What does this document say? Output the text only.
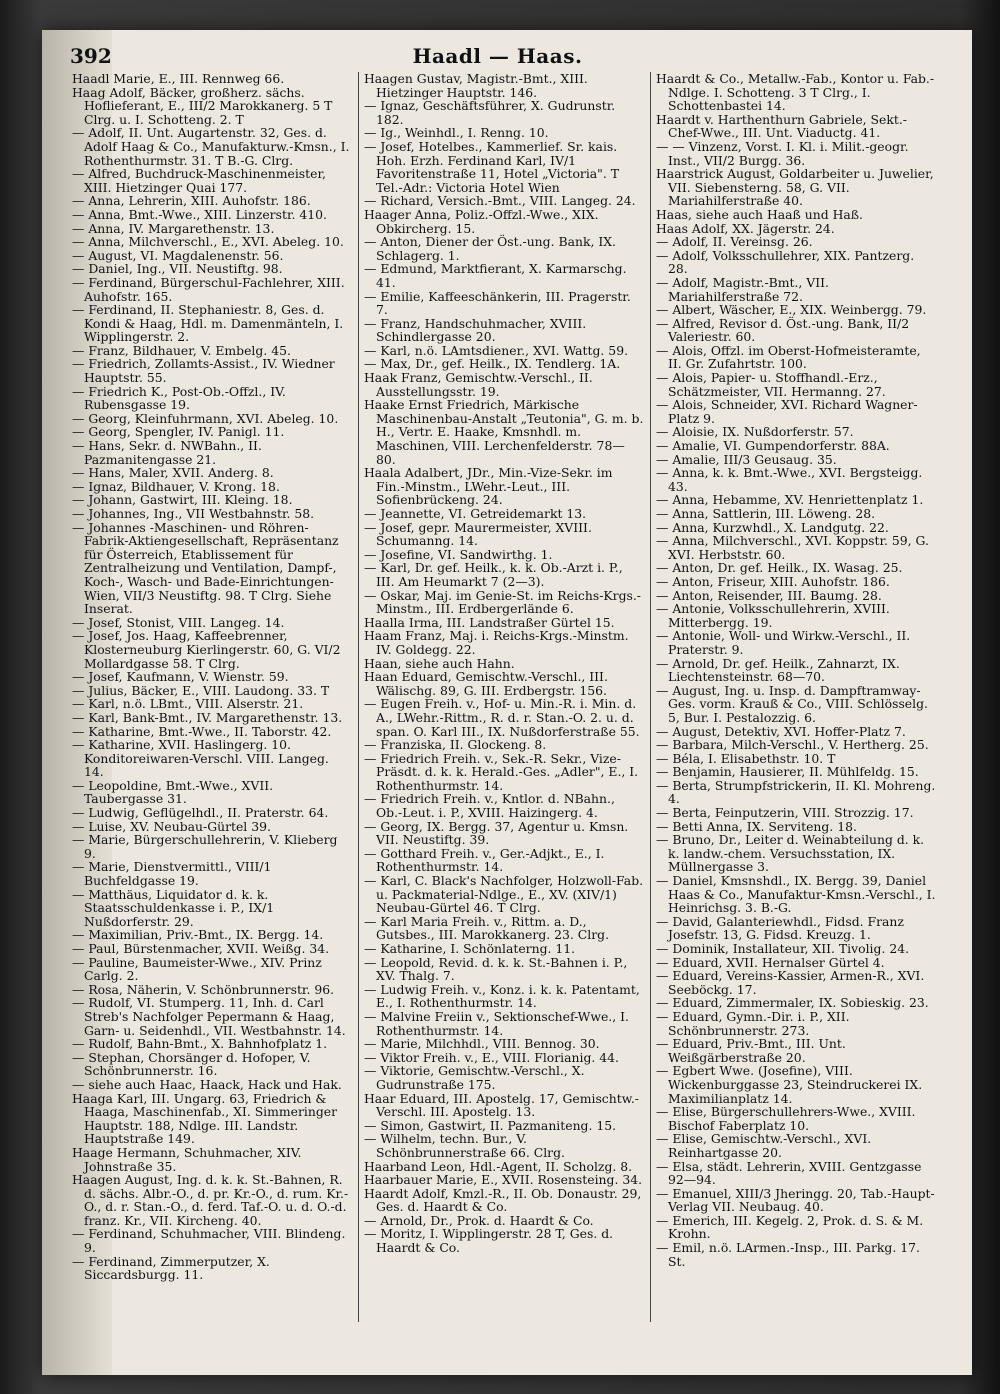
392	Haadl — Haas.

Haadl Marie, E., III. Rennweg 66.

Haag Adolf, Bäcker, großherz. sächs. Hoflieferant, E., III/2 Marokkanerg. 5 T Clrg. u. I. Schotteng. 2. T

— Adolf, II. Unt. Augartenstr. 32, Ges. d. Adolf Haag & Co., Manufakturw.-Kmsn., I. Rothenthurmstr. 31. T B.-G. Clrg.

— Alfred, Buchdruck-Maschinenmeister, XIII. Hietzinger Quai 177.

— Anna, Lehrerin, XIII. Auhofstr. 186.

— Anna, Bmt.-Wwe., XIII. Linzerstr. 410.

— Anna, IV. Margarethenstr. 13.

— Anna, Milchverschl., E., XVI. Abeleg. 10.

— August, VI. Magdalenenstr. 56.

— Daniel, Ing., VII. Neustiftg. 98.

— Ferdinand, Bürgerschul-Fachlehrer, XIII. Auhofstr. 165.

— Ferdinand, II. Stephaniestr. 8, Ges. d. Kondi & Haag, Hdl. m. Damenmänteln, I. Wipplingerstr. 2.

— Franz, Bildhauer, V. Embelg. 45.

— Friedrich, Zollamts-Assist., IV. Wiedner Hauptstr. 55.

— Friedrich K., Post-Ob.-Offzl., IV. Rubensgasse 19.

— Georg, Kleinfuhrmann, XVI. Abeleg. 10.

— Georg, Spengler, IV. Panigl. 11.

— Hans, Sekr. d. NWBahn., II. Pazmanitengasse 21.

— Hans, Maler, XVII. Anderg. 8.

— Ignaz, Bildhauer, V. Krong. 18.

— Johann, Gastwirt, III. Kleing. 18.

— Johannes, Ing., VII Westbahnstr. 58.

— Johannes -Maschinen- und Röhren-Fabrik-Aktiengesellschaft, Repräsentanz für Österreich, Etablissement für Zentralheizung und Ventilation, Dampf-, Koch-, Wasch- und Bade-Einrichtungen-Wien, VII/3 Neustiftg. 98. T Clrg. Siehe Inserat.

— Josef, Stonist, VIII. Langeg. 14.

— Josef, Jos. Haag, Kaffeebrenner, Klosterneuburg Kierlingerstr. 60, G. VI/2 Mollardgasse 58. T Clrg.

— Josef, Kaufmann, V. Wienstr. 59.

— Julius, Bäcker, E., VIII. Laudong. 33. T

— Karl, n.ö. LBmt., VIII. Alserstr. 21.

— Karl, Bank-Bmt., IV. Margarethenstr. 13.

— Katharine, Bmt.-Wwe., II. Taborstr. 42.

— Katharine, XVII. Haslingerg. 10. Konditoreiwaren-Verschl. VIII. Langeg. 14.

— Leopoldine, Bmt.-Wwe., XVII. Taubergasse 31.

— Ludwig, Geflügelhdl., II. Praterstr. 64.

— Luise, XV. Neubau-Gürtel 39.

— Marie, Bürgerschullehrerin, V. Klieberg 9.

— Marie, Dienstvermittl., VIII/1 Buchfeldgasse 19.

— Matthäus, Liquidator d. k. k. Staatsschuldenkasse i. P., IX/1 Nußdorferstr. 29.

— Maximilian, Priv.-Bmt., IX. Bergg. 14.

— Paul, Bürstenmacher, XVII. Weißg. 34.

— Pauline, Baumeister-Wwe., XIV. Prinz Carlg. 2.

— Rosa, Näherin, V. Schönbrunnerstr. 96.

— Rudolf, VI. Stumperg. 11, Inh. d. Carl Streb's Nachfolger Pepermann & Haag, Garn- u. Seidenhdl., VII. Westbahnstr. 14.

— Rudolf, Bahn-Bmt., X. Bahnhofplatz 1.

— Stephan, Chorsänger d. Hofoper, V. Schönbrunnerstr. 16.

— siehe auch Haac, Haack, Hack und Hak.

Haaga Karl, III. Ungarg. 63, Friedrich & Haaga, Maschinenfab., XI. Simmeringer Hauptstr. 188, Ndlge. III. Landstr. Hauptstraße 149.

Haage Hermann, Schuhmacher, XIV. Johnstraße 35.

Haagen August, Ing. d. k. k. St.-Bahnen, R. d. sächs. Albr.-O., d. pr. Kr.-O., d. rum. Kr.-O., d. r. Stan.-O., d. ferd. Taf.-O. u. d. O.-d. franz. Kr., VII. Kircheng. 40.

— Ferdinand, Schuhmacher, VIII. Blindeng. 9.

— Ferdinand, Zimmerputzer, X. Siccardsburgg. 11.

Haagen Gustav, Magistr.-Bmt., XIII. Hietzinger Hauptstr. 146.

— Ignaz, Geschäftsführer, X. Gudrunstr. 182.

— Ig., Weinhdl., I. Renng. 10.

— Josef, Hotelbes., Kammerlief. Sr. kais. Hoh. Erzh. Ferdinand Karl, IV/1 Favoritenstraße 11, Hotel „Victoria". T Tel.-Adr.: Victoria Hotel Wien

— Richard, Versich.-Bmt., VIII. Langeg. 24.

Haager Anna, Poliz.-Offzl.-Wwe., XIX. Obkircherg. 15.

— Anton, Diener der Öst.-ung. Bank, IX. Schlagerg. 1.

— Edmund, Marktfierant, X. Karmarschg. 41.

— Emilie, Kaffeeschänkerin, III. Pragerstr. 7.

— Franz, Handschuhmacher, XVIII. Schindlergasse 20.

— Karl, n.ö. LAmtsdiener., XVI. Wattg. 59.

— Max, Dr., gef. Heilk., IX. Tendlerg. 1A.

Haak Franz, Gemischtw.-Verschl., II. Ausstellungsstr. 19.

Haake Ernst Friedrich, Märkische Maschinenbau-Anstalt „Teutonia", G. m. b. H., Vertr. E. Haake, Kmsnhdl. m. Maschinen, VIII. Lerchenfelderstr. 78—80.

Haala Adalbert, JDr., Min.-Vize-Sekr. im Fin.-Minstm., LWehr.-Leut., III. Sofienbrückeng. 24.

— Jeannette, VI. Getreidemarkt 13.

— Josef, gepr. Maurermeister, XVIII. Schumanng. 14.

— Josefine, VI. Sandwirthg. 1.

— Karl, Dr. gef. Heilk., k. k. Ob.-Arzt i. P., III. Am Heumarkt 7 (2—3).

— Oskar, Maj. im Genie-St. im Reichs-Krgs.-Minstm., III. Erdbergerlände 6.

Haalla Irma, III. Landstraßer Gürtel 15.

Haam Franz, Maj. i. Reichs-Krgs.-Minstm. IV. Goldegg. 22.

Haan, siehe auch Hahn.

Haan Eduard, Gemischtw.-Verschl., III. Wälischg. 89, G. III. Erdbergstr. 156.

— Eugen Freih. v., Hof- u. Min.-R. i. Min. d. A., LWehr.-Rittm., R. d. r. Stan.-O. 2. u. d. span. O. Karl III., IX. Nußdorferstraße 55.

— Franziska, II. Glockeng. 8.

— Friedrich Freih. v., Sek.-R. Sekr., Vize-Präsdt. d. k. k. Herald.-Ges. „Adler", E., I. Rothenthurmstr. 14.

— Friedrich Freih. v., Kntlor. d. NBahn., Ob.-Leut. i. P., XVIII. Haizingerg. 4.

— Georg, IX. Bergg. 37, Agentur u. Kmsn. VII. Neustiftg. 39.

— Gotthard Freih. v., Ger.-Adjkt., E., I. Rothenthurmstr. 14.

— Karl, C. Black's Nachfolger, Holzwoll-Fab. u. Packmaterial-Ndlge., E., XV. (XIV/1) Neubau-Gürtel 46. T Clrg.

— Karl Maria Freih. v., Rittm. a. D., Gutsbes., III. Marokkanerg. 23. Clrg.

— Katharine, I. Schönlaterng. 11.

— Leopold, Revid. d. k. k. St.-Bahnen i. P., XV. Thalg. 7.

— Ludwig Freih. v., Konz. i. k. k. Patentamt, E., I. Rothenthurmstr. 14.

— Malvine Freiin v., Sektionschef-Wwe., I. Rothenthurmstr. 14.

— Marie, Milchhdl., VIII. Bennog. 30.

— Viktor Freih. v., E., VIII. Florianig. 44.

— Viktorie, Gemischtw.-Verschl., X. Gudrunstraße 175.

Haar Eduard, III. Apostelg. 17, Gemischtw.-Verschl. III. Apostelg. 13.

— Simon, Gastwirt, II. Pazmaniteng. 15.

— Wilhelm, techn. Bur., V. Schönbrunnerstraße 66. Clrg.

Haarband Leon, Hdl.-Agent, II. Scholzg. 8.

Haarbauer Marie, E., XVII. Rosensteing. 34.

Haardt Adolf, Kmzl.-R., II. Ob. Donaustr. 29, Ges. d. Haardt & Co.

— Arnold, Dr., Prok. d. Haardt & Co.

— Moritz, I. Wipplingerstr. 28 T, Ges. d. Haardt & Co.

Haardt & Co., Metallw.-Fab., Kontor u. Fab.-Ndlge. I. Schotteng. 3 T Clrg., I. Schottenbastei 14.

Haardt v. Harthenthurn Gabriele, Sekt.-Chef-Wwe., III. Unt. Viaductg. 41.

— — Vinzenz, Vorst. I. Kl. i. Milit.-geogr. Inst., VII/2 Burgg. 36.

Haarstrick August, Goldarbeiter u. Juwelier, VII. Siebensterng. 58, G. VII. Mariahilferstraße 40.

Haas, siehe auch Haaß und Haß.

Haas Adolf, XX. Jägerstr. 24.

— Adolf, II. Vereinsg. 26.

— Adolf, Volksschullehrer, XIX. Pantzerg. 28.

— Adolf, Magistr.-Bmt., VII. Mariahilferstraße 72.

— Albert, Wäscher, E., XIX. Weinbergg. 79.

— Alfred, Revisor d. Öst.-ung. Bank, II/2 Valeriestr. 60.

— Alois, Offzl. im Oberst-Hofmeisteramte, II. Gr. Zufahrtstr. 100.

— Alois, Papier- u. Stoffhandl.-Erz., Schätzmeister, VII. Hermanng. 27.

— Alois, Schneider, XVI. Richard Wagner-Platz 9.

— Aloisie, IX. Nußdorferstr. 57.

— Amalie, VI. Gumpendorferstr. 88A.

— Amalie, III/3 Geusaug. 35.

— Anna, k. k. Bmt.-Wwe., XVI. Bergsteigg. 43.

— Anna, Hebamme, XV. Henriettenplatz 1.

— Anna, Sattlerin, III. Löweng. 28.

— Anna, Kurzwhdl., X. Landgutg. 22.

— Anna, Milchverschl., XVI. Koppstr. 59, G. XVI. Herbststr. 60.

— Anton, Dr. gef. Heilk., IX. Wasag. 25.

— Anton, Friseur, XIII. Auhofstr. 186.

— Anton, Reisender, III. Baumg. 28.

— Antonie, Volksschullehrerin, XVIII. Mitterbergg. 19.

— Antonie, Woll- und Wirkw.-Verschl., II. Praterstr. 9.

— Arnold, Dr. gef. Heilk., Zahnarzt, IX. Liechtensteinstr. 68—70.

— August, Ing. u. Insp. d. Dampftramway-Ges. vorm. Krauß & Co., VIII. Schlösselg. 5, Bur. I. Pestalozzig. 6.

— August, Detektiv, XVI. Hoffer-Platz 7.

— Barbara, Milch-Verschl., V. Hertherg. 25.

— Béla, I. Elisabethstr. 10. T

— Benjamin, Hausierer, II. Mühlfeldg. 15.

— Berta, Strumpfstrickerin, II. Kl. Mohreng. 4.

— Berta, Feinputzerin, VIII. Strozzig. 17.

— Betti Anna, IX. Serviteng. 18.

— Bruno, Dr., Leiter d. Weinabteilung d. k. k. landw.-chem. Versuchsstation, IX. Müllnergasse 3.

— Daniel, Kmsnshdl., IX. Bergg. 39, Daniel Haas & Co., Manufaktur-Kmsn.-Verschl., I. Heinrichsg. 3. B.-G.

— David, Galanteriewhdl., Fidsd. Franz Josefstr. 13, G. Fidsd. Kreuzg. 1.

— Dominik, Installateur, XII. Tivolig. 24.

— Eduard, XVII. Hernalser Gürtel 4.

— Eduard, Vereins-Kassier, Armen-R., XVI. Seeböckg. 17.

— Eduard, Zimmermaler, IX. Sobieskig. 23.

— Eduard, Gymn.-Dir. i. P., XII. Schönbrunnerstr. 273.

— Eduard, Priv.-Bmt., III. Unt. Weißgärberstraße 20.

— Egbert Wwe. (Josefine), VIII. Wickenburggasse 23, Steindruckerei IX. Maximilianplatz 14.

— Elise, Bürgerschullehrers-Wwe., XVIII. Bischof Faberplatz 10.

— Elise, Gemischtw.-Verschl., XVI. Reinhartgasse 20.

— Elsa, städt. Lehrerin, XVIII. Gentzgasse 92—94.

— Emanuel, XIII/3 Jheringg. 20, Tab.-Haupt-Verlag VII. Neubaug. 40.

— Emerich, III. Kegelg. 2, Prok. d. S. & M. Krohn.

— Emil, n.ö. LArmen.-Insp., III. Parkg. 17. St.
